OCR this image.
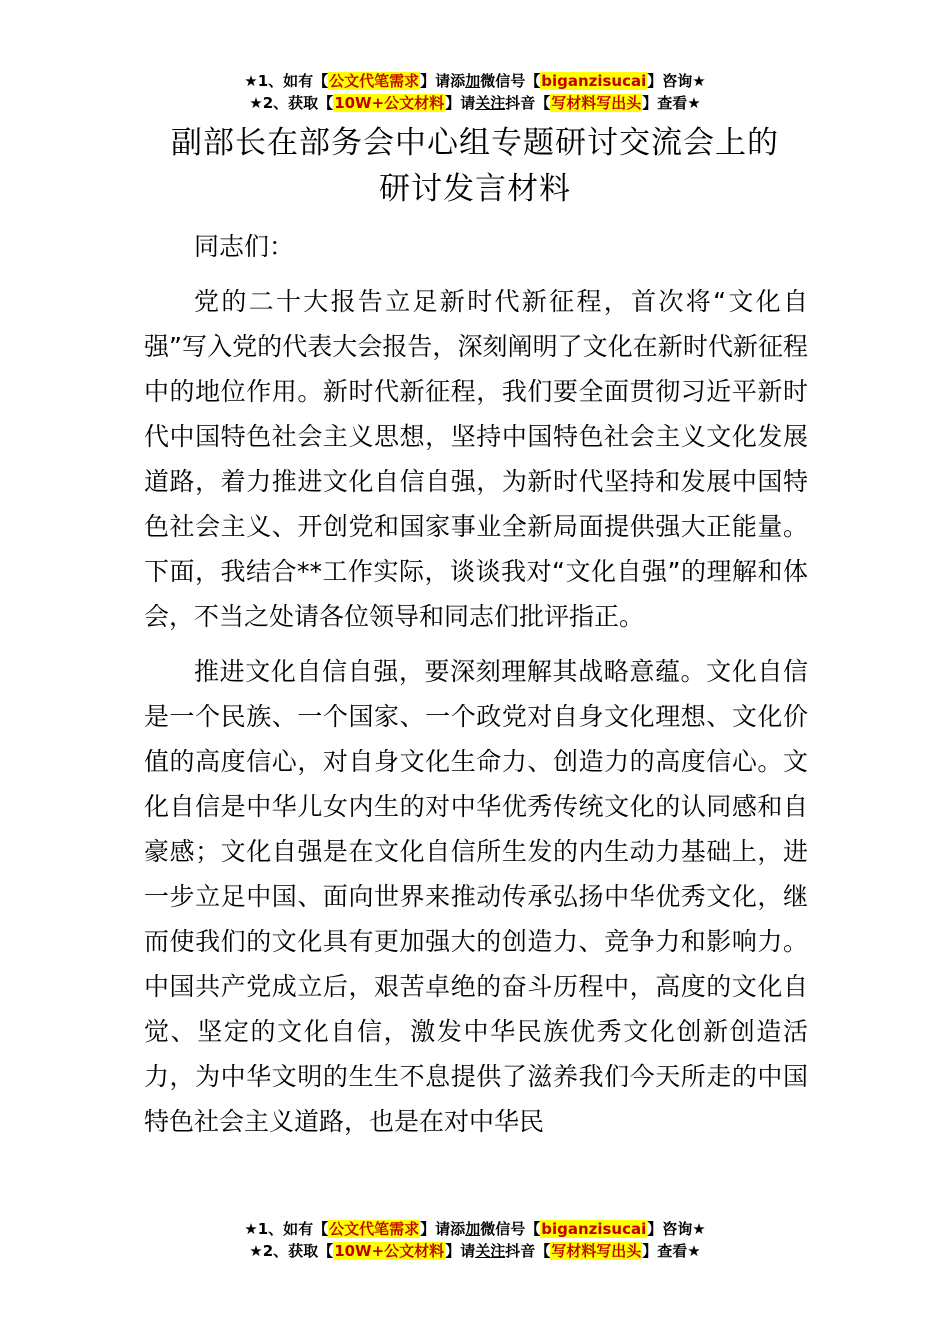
★1、如有【公文代笔需求】请添加微信号【biganzisucai】咨询★
★2、获取【10W+公文材料】请关注抖音【写材料写出头】查看★
副部长在部务会中心组专题研讨交流会上的
研讨发言材料

同志们：

党的二十大报告立足新时代新征程，首次将“文化自强”写入党的代表大会报告，深刻阐明了文化在新时代新征程中的地位作用。新时代新征程，我们要全面贯彻习近平新时代中国特色社会主义思想，坚持中国特色社会主义文化发展道路，着力推进文化自信自强，为新时代坚持和发展中国特色社会主义、开创党和国家事业全新局面提供强大正能量。下面，我结合**工作实际，谈谈我对“文化自强”的理解和体会，不当之处请各位领导和同志们批评指正。

推进文化自信自强，要深刻理解其战略意蕴。文化自信是一个民族、一个国家、一个政党对自身文化理想、文化价值的高度信心，对自身文化生命力、创造力的高度信心。文化自信是中华儿女内生的对中华优秀传统文化的认同感和自豪感；文化自强是在文化自信所生发的内生动力基础上，进一步立足中国、面向世界来推动传承弘扬中华优秀文化，继而使我们的文化具有更加强大的创造力、竞争力和影响力。中国共产党成立后，艰苦卓绝的奋斗历程中，高度的文化自觉、坚定的文化自信，激发中华民族优秀文化创新创造活力，为中华文明的生生不息提供了滋养我们今天所走的中国特色社会主义道路，也是在对中华民

★1、如有【公文代笔需求】请添加微信号【biganzisucai】咨询★
★2、获取【10W+公文材料】请关注抖音【写材料写出头】查看★
